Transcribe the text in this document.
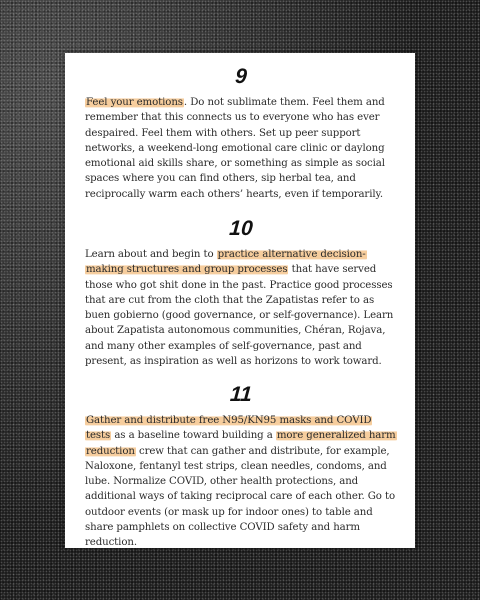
9

Feel your emotions. Do not sublimate them. Feel them and remember that this connects us to everyone who has ever despaired. Feel them with others. Set up peer support networks, a weekend-long emotional care clinic or daylong emotional aid skills share, or something as simple as social spaces where you can find others, sip herbal tea, and reciprocally warm each others’ hearts, even if temporarily.

10

Learn about and begin to practice alternative decision-making structures and group processes that have served those who got shit done in the past. Practice good processes that are cut from the cloth that the Zapatistas refer to as buen gobierno (good governance, or self-governance). Learn about Zapatista autonomous communities, Chéran, Rojava, and many other examples of self-governance, past and present, as inspiration as well as horizons to work toward.

11

Gather and distribute free N95/KN95 masks and COVID tests as a baseline toward building a more generalized harm reduction crew that can gather and distribute, for example, Naloxone, fentanyl test strips, clean needles, condoms, and lube. Normalize COVID, other health protections, and additional ways of taking reciprocal care of each other. Go to outdoor events (or mask up for indoor ones) to table and share pamphlets on collective COVID safety and harm reduction.
